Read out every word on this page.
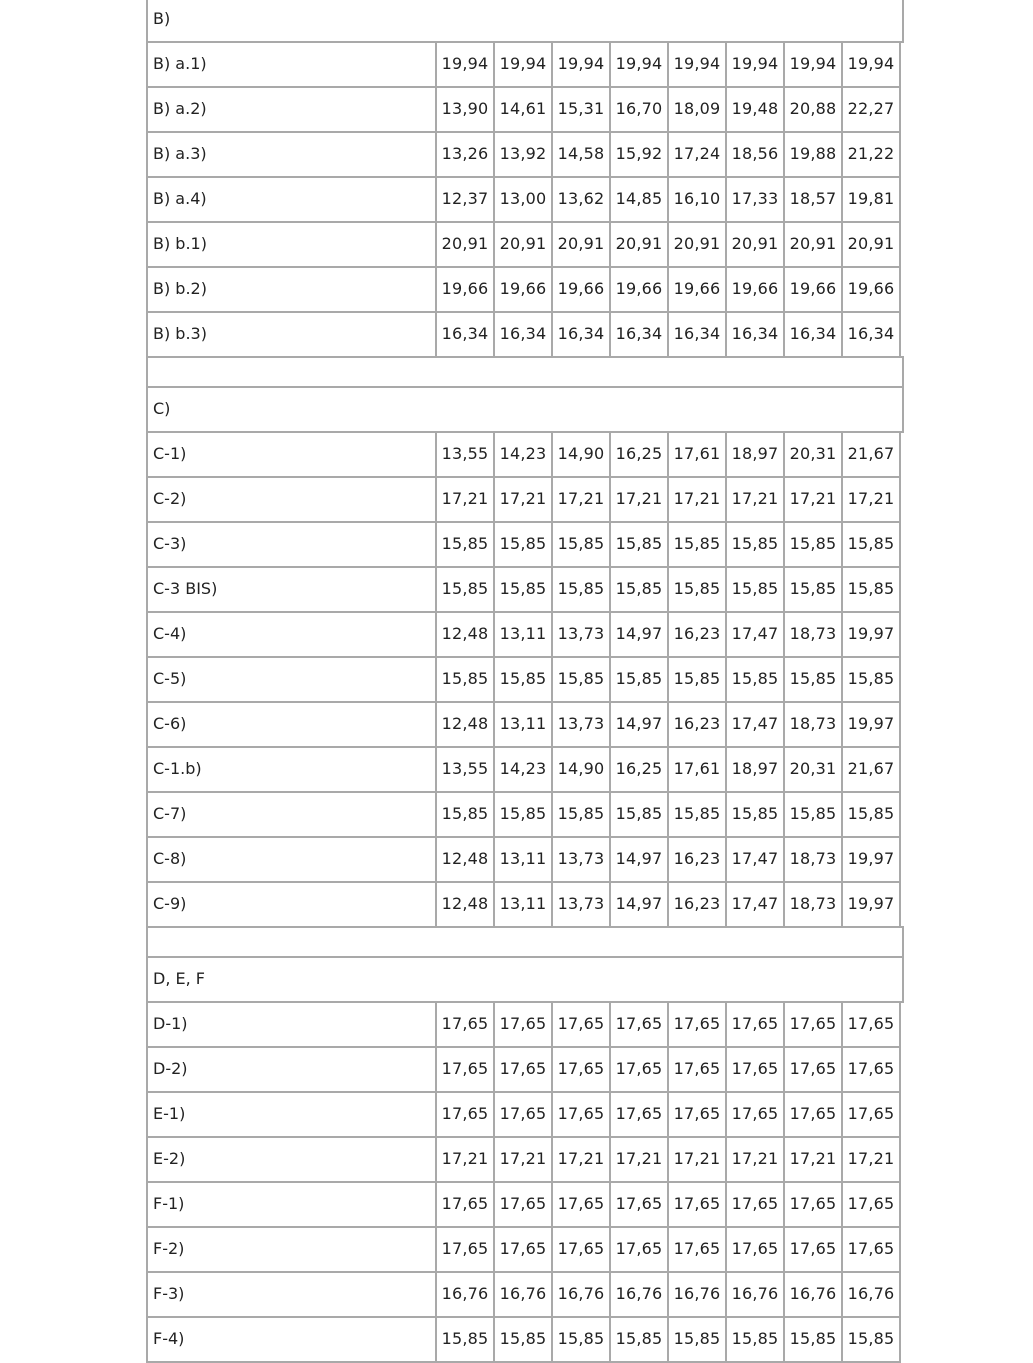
B)
B) a.1)	19,94 19,94 19,94 19,94 19,94 19,94 19,94 19,94
B) a.2)	13,90 14,61 15,31 16,70 18,09 19,48 20,88 22,27
B) a.3)	13,26 13,92 14,58 15,92 17,24 18,56 19,88 21,22
B) a.4)	12,37 13,00 13,62 14,85 16,10 17,33 18,57 19,81
B) b.1)	20,91 20,91 20,91 20,91 20,91 20,91 20,91 20,91
B) b.2)	19,66 19,66 19,66 19,66 19,66 19,66 19,66 19,66
B) b.3)	16,34 16,34 16,34 16,34 16,34 16,34 16,34 16,34
C)
C-1)	13,55 14,23 14,90 16,25 17,61 18,97 20,31 21,67
C-2)	17,21 17,21 17,21 17,21 17,21 17,21 17,21 17,21
C-3)	15,85 15,85 15,85 15,85 15,85 15,85 15,85 15,85
C-3 BIS)	15,85 15,85 15,85 15,85 15,85 15,85 15,85 15,85
C-4)	12,48 13,11 13,73 14,97 16,23 17,47 18,73 19,97
C-5)	15,85 15,85 15,85 15,85 15,85 15,85 15,85 15,85
C-6)	12,48 13,11 13,73 14,97 16,23 17,47 18,73 19,97
C-1.b)	13,55 14,23 14,90 16,25 17,61 18,97 20,31 21,67
C-7)	15,85 15,85 15,85 15,85 15,85 15,85 15,85 15,85
C-8)	12,48 13,11 13,73 14,97 16,23 17,47 18,73 19,97
C-9)	12,48 13,11 13,73 14,97 16,23 17,47 18,73 19,97
D, E, F
D-1)	17,65 17,65 17,65 17,65 17,65 17,65 17,65 17,65
D-2)	17,65 17,65 17,65 17,65 17,65 17,65 17,65 17,65
E-1)	17,65 17,65 17,65 17,65 17,65 17,65 17,65 17,65
E-2)	17,21 17,21 17,21 17,21 17,21 17,21 17,21 17,21
F-1)	17,65 17,65 17,65 17,65 17,65 17,65 17,65 17,65
F-2)	17,65 17,65 17,65 17,65 17,65 17,65 17,65 17,65
F-3)	16,76 16,76 16,76 16,76 16,76 16,76 16,76 16,76
F-4)	15,85 15,85 15,85 15,85 15,85 15,85 15,85 15,85
